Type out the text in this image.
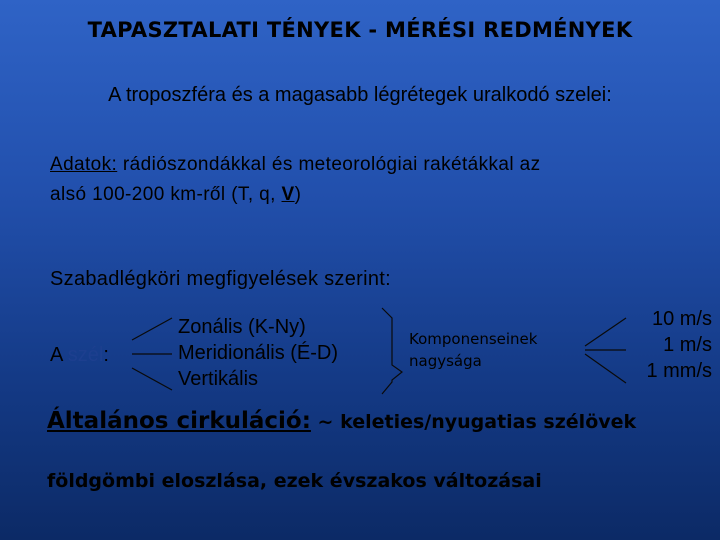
TAPASZTALATI TÉNYEK - MÉRÉSI REDMÉNYEK
A troposzféra és a magasabb légrétegek uralkodó szelei:
Adatok: rádiószondákkal és meteorológiai rakétákkal az
alsó 100-200 km-ről (T, q, V)
Szabadlégköri megfigyelések szerint:
A szél:
Zonális (K-Ny)
Meridionális (É-D)
Vertikális
Komponenseinek
nagysága
10 m/s
1 m/s
1 mm/s
Általános cirkuláció: ~ keleties/nyugatias szélövek
földgömbi eloszlása, ezek évszakos változásai
